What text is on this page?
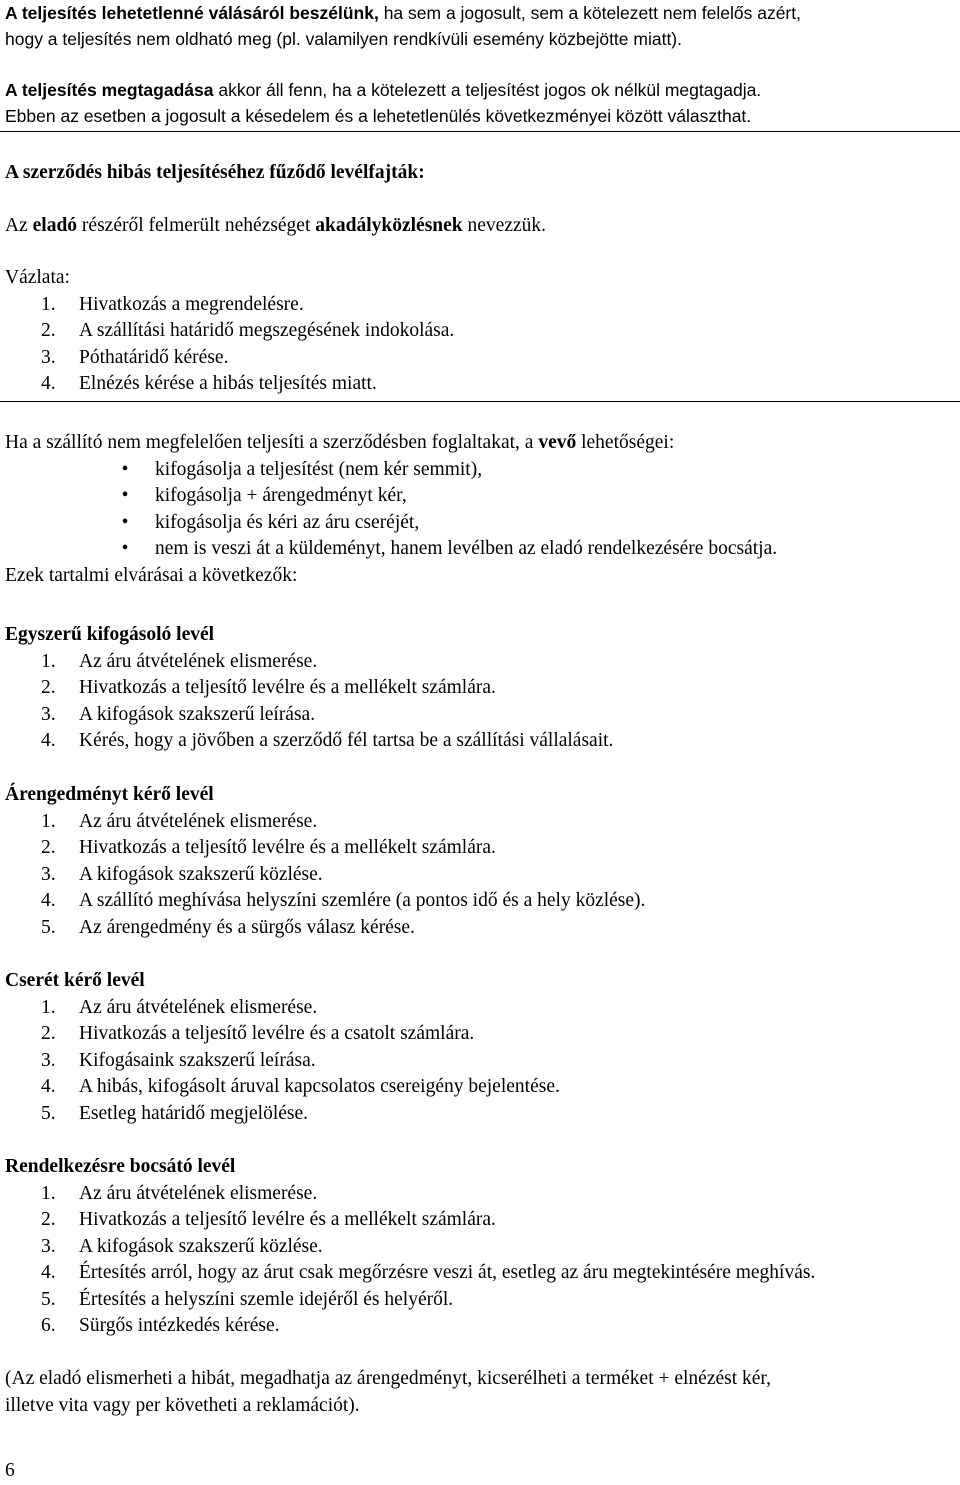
A teljesítés lehetetlenné válásáról beszélünk, ha sem a jogosult, sem a kötelezett nem felelős azért,

hogy a teljesítés nem oldható meg (pl. valamilyen rendkívüli esemény közbejötte miatt).

A teljesítés megtagadása akkor áll fenn, ha a kötelezett a teljesítést jogos ok nélkül megtagadja.

Ebben az esetben a jogosult a késedelem és a lehetetlenülés következményei között választhat.

A szerződés hibás teljesítéséhez fűződő levélfajták:

Az eladó részéről felmerült nehézséget akadályközlésnek nevezzük.

Vázlata:

1. Hivatkozás a megrendelésre.
2. A szállítási határidő megszegésének indokolása.
3. Póthatáridő kérése.
4. Elnézés kérése a hibás teljesítés miatt.

Ha a szállító nem megfelelően teljesíti a szerződésben foglaltakat, a vevő lehetőségei:

•	kifogásolja a teljesítést (nem kér semmit),
•	kifogásolja + árengedményt kér,
•	kifogásolja és kéri az áru cseréjét,
•	nem is veszi át a küldeményt, hanem levélben az eladó rendelkezésére bocsátja.

Ezek tartalmi elvárásai a következők:

Egyszerű kifogásoló levél

1. Az áru átvételének elismerése.
2. Hivatkozás a teljesítő levélre és a mellékelt számlára.
3. A kifogások szakszerű leírása.
4. Kérés, hogy a jövőben a szerződő fél tartsa be a szállítási vállalásait.

Árengedményt kérő levél

1. Az áru átvételének elismerése.
2. Hivatkozás a teljesítő levélre és a mellékelt számlára.
3. A kifogások szakszerű közlése.
4. A szállító meghívása helyszíni szemlére (a pontos idő és a hely közlése).
5. Az árengedmény és a sürgős válasz kérése.

Cserét kérő levél

1. Az áru átvételének elismerése.
2. Hivatkozás a teljesítő levélre és a csatolt számlára.
3. Kifogásaink szakszerű leírása.
4. A hibás, kifogásolt áruval kapcsolatos csereigény bejelentése.
5. Esetleg határidő megjelölése.

Rendelkezésre bocsátó levél

1. Az áru átvételének elismerése.
2. Hivatkozás a teljesítő levélre és a mellékelt számlára.
3. A kifogások szakszerű közlése.
4. Értesítés arról, hogy az árut csak megőrzésre veszi át, esetleg az áru megtekintésére meghívás.
5. Értesítés a helyszíni szemle idejéről és helyéről.
6. Sürgős intézkedés kérése.

(Az eladó elismerheti a hibát, megadhatja az árengedményt, kicserélheti a terméket + elnézést kér,

illetve vita vagy per követheti a reklamációt).

6
